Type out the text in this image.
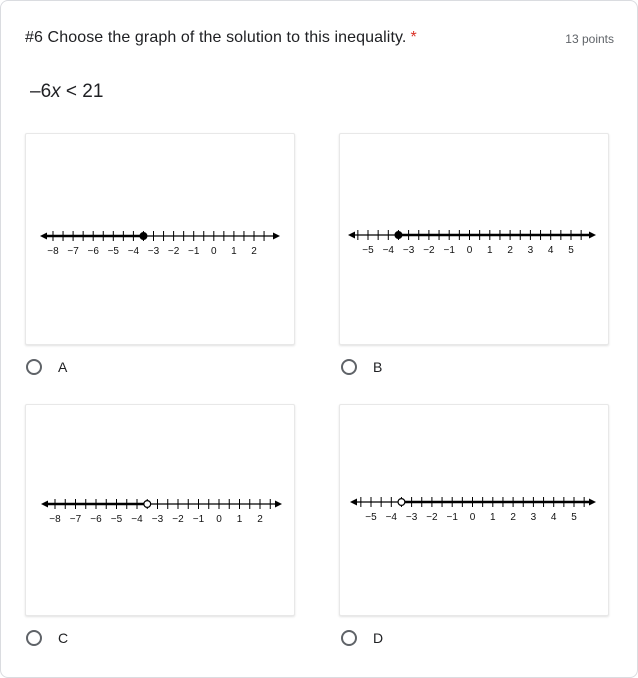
#6 Choose the graph of the solution to this inequality. *	13 points
–6x < 21
−8 −7 −6 −5 −4 −3 −2 −1 0 1 2
A
−5 −4 −3 −2 −1 0 1 2 3 4 5
B
−8 −7 −6 −5 −4 −3 −2 −1 0 1 2
C
−5 −4 −3 −2 −1 0 1 2 3 4 5
D
